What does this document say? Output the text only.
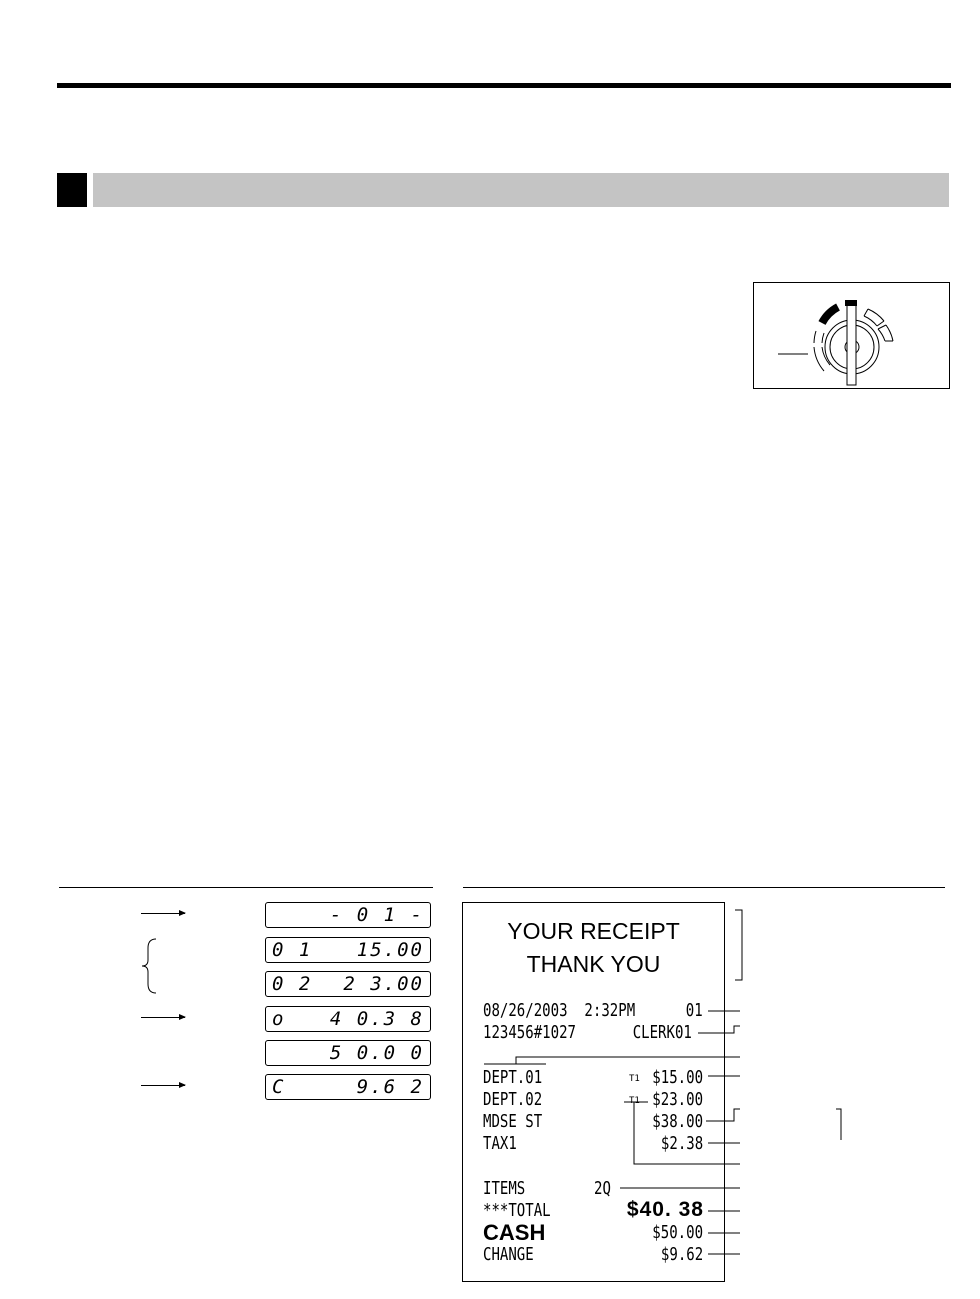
- 0 1 -
0 1 15.00
0 2 2 3.00
o 4 0.3 8
5 0.0 0
C	9.6 2
YOUR RECEIPT
THANK YOU
08/26/2003  2:32PM	01
123456#1027	CLERK01
DEPT.01	T1 $15.00
DEPT.02	T1 $23.00
MDSE ST	$38.00
TAX1	$2.38
ITEMS	2Q
***TOTAL	$40. 38
CASH	$50.00
CHANGE	$9.62
